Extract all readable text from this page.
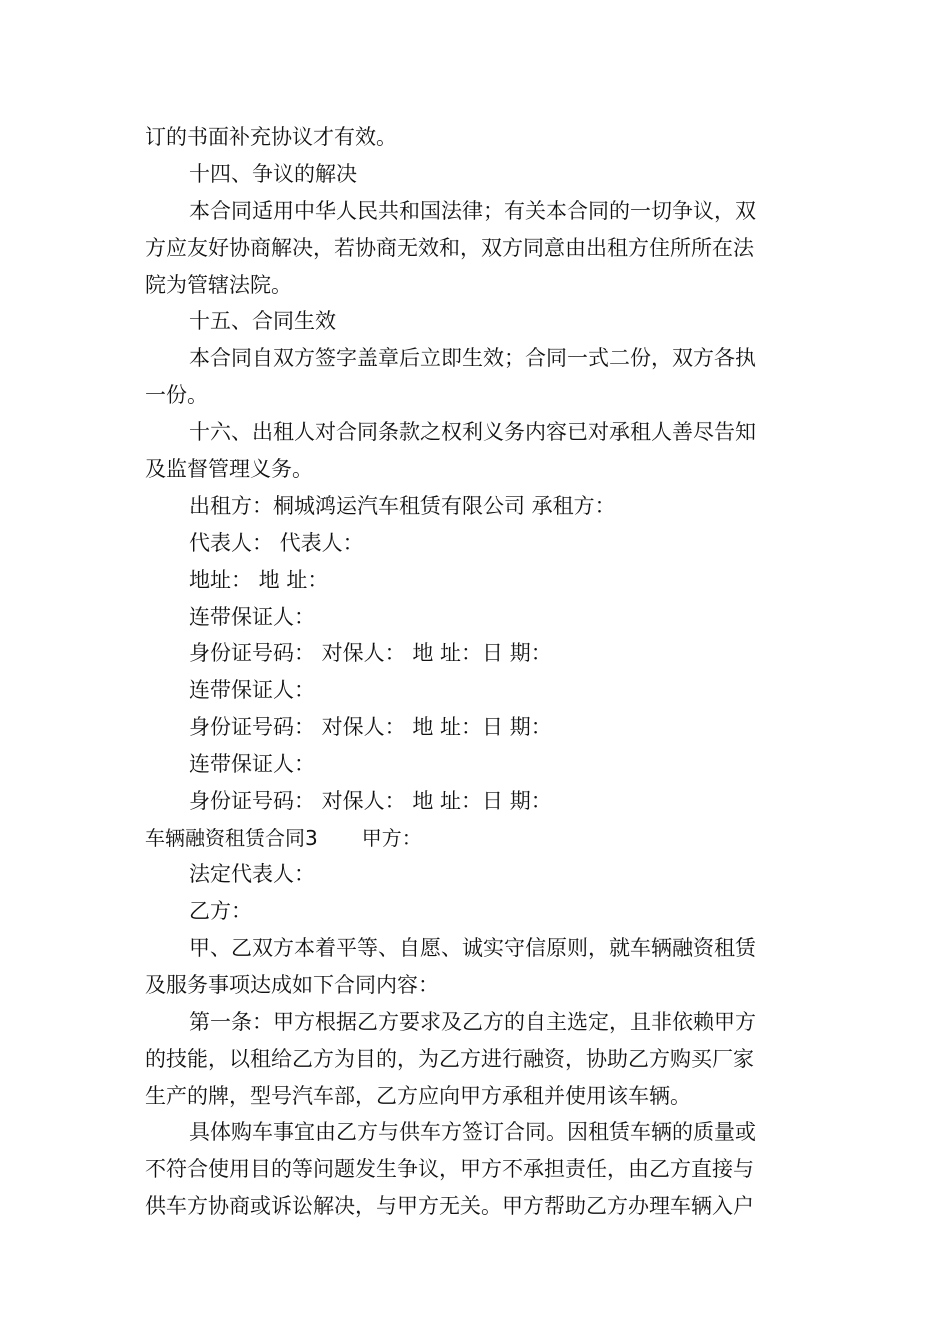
订的书面补充协议才有效。
十四、争议的解决
本合同适用中华人民共和国法律；有关本合同的一切争议，双
方应友好协商解决，若协商无效和，双方同意由出租方住所所在法
院为管辖法院。
十五、合同生效
本合同自双方签字盖章后立即生效；合同一式二份，双方各执
一份。
十六、出租人对合同条款之权利义务内容已对承租人善尽告知
及监督管理义务。
出租方：桐城鸿运汽车租赁有限公司 承租方：
代表人： 代表人：
地址： 地 址：
连带保证人：
身份证号码： 对保人： 地 址：日 期：
连带保证人：
身份证号码： 对保人： 地 址：日 期：
连带保证人：
身份证号码： 对保人： 地 址：日 期：
车辆融资租赁合同3 甲方：
法定代表人：
乙方：
甲、乙双方本着平等、自愿、诚实守信原则，就车辆融资租赁
及服务事项达成如下合同内容：
第一条：甲方根据乙方要求及乙方的自主选定，且非依赖甲方
的技能，以租给乙方为目的，为乙方进行融资，协助乙方购买厂家
生产的牌，型号汽车部，乙方应向甲方承租并使用该车辆。
具体购车事宜由乙方与供车方签订合同。因租赁车辆的质量或
不符合使用目的等问题发生争议，甲方不承担责任，由乙方直接与
供车方协商或诉讼解决，与甲方无关。甲方帮助乙方办理车辆入户
